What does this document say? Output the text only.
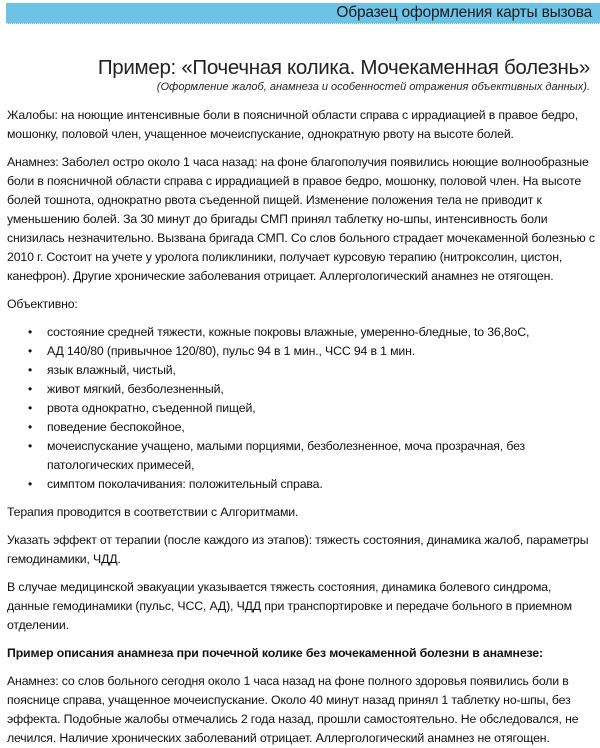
Образец оформления карты вызова
Пример: «Почечная колика. Мочекаменная болезнь»
(Оформление жалоб, анамнеза и особенностей отражения объективных данных).

Жалобы: на ноющие интенсивные боли в поясничной области справа с иррадиацией в правое бедро, мошонку, половой член, учащенное мочеиспускание, однократную рвоту на высоте болей.

Анамнез: Заболел остро около 1 часа назад: на фоне благополучия появились ноющие волнообразные боли в поясничной области справа с иррадиацией в правое бедро, мошонку, половой член. На высоте болей тошнота, однократно рвота съеденной пищей. Изменение положения тела не приводит к уменьшению болей. За 30 минут до бригады СМП принял таблетку но-шпы, интенсивность боли снизилась незначительно. Вызвана бригада СМП. Со слов больного страдает мочекаменной болезнью с 2010 г. Состоит на учете у уролога поликлиники, получает курсовую терапию (нитроксолин, цистон, канефрон). Другие хронические заболевания отрицает. Аллергологический анамнез не отягощен.

Объективно:

• состояние средней тяжести, кожные покровы влажные, умеренно-бледные, to 36,8oC,
• АД 140/80 (привычное 120/80), пульс 94 в 1 мин., ЧСС 94 в 1 мин.
• язык влажный, чистый,
• живот мягкий, безболезненный,
• рвота однократно, съеденной пищей,
• поведение беспокойное,
• мочеиспускание учащено, малыми порциями, безболезненное, моча прозрачная, без патологических примесей,
• симптом поколачивания: положительный справа.

Терапия проводится в соответствии с Алгоритмами.

Указать эффект от терапии (после каждого из этапов): тяжесть состояния, динамика жалоб, параметры гемодинамики, ЧДД.

В случае медицинской эвакуации указывается тяжесть состояния, динамика болевого синдрома, данные гемодинамики (пульс, ЧСС, АД), ЧДД при транспортировке и передаче больного в приемном отделении.

Пример описания анамнеза при почечной колике без мочекаменной болезни в анамнезе:

Анамнез: со слов больного сегодня около 1 часа назад на фоне полного здоровья появились боли в пояснице справа, учащенное мочеиспускание. Около 40 минут назад принял 1 таблетку но-шпы, без эффекта. Подобные жалобы отмечались 2 года назад, прошли самостоятельно. Не обследовался, не лечился. Наличие хронических заболеваний отрицает. Аллергологический анамнез не отягощен.
